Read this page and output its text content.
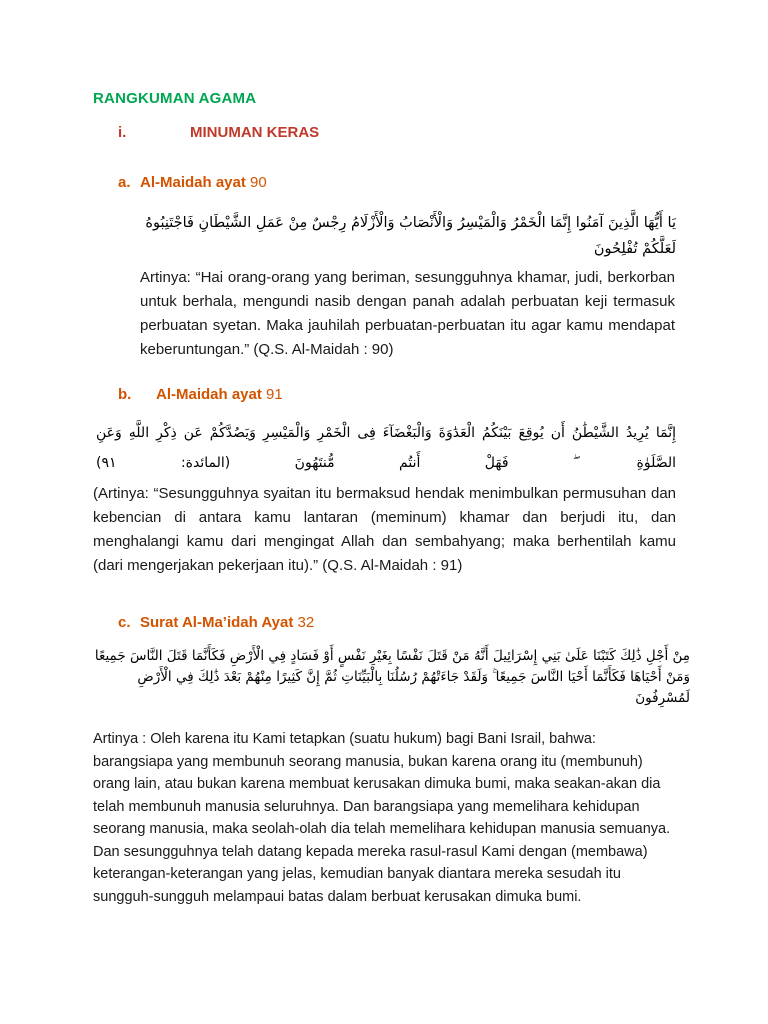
RANGKUMAN AGAMA
i.	MINUMAN KERAS
a. Al-Maidah ayat 90
يَا أَيُّهَا الَّذِينَ آمَنُوا إِنَّمَا الْخَمْرُ وَالْمَيْسِرُ وَالْأَنْصَابُ وَالْأَزْلَامُ رِجْسٌ مِنْ عَمَلِ الشَّيْطَانِ فَاجْتَنِبُوهُ لَعَلَّكُمْ تُفْلِحُونَ
Artinya: “Hai orang-orang yang beriman, sesungguhnya khamar, judi, berkorban untuk berhala, mengundi nasib dengan panah adalah perbuatan keji termasuk perbuatan syetan. Maka jauhilah perbuatan-perbuatan itu agar kamu mendapat keberuntungan.” (Q.S. Al-Maidah : 90)
b. Al-Maidah ayat 91
إِنَّمَا يُرِيدُ الشَّيْطَٰنُ أَن يُوقِعَ بَيْنَكُمُ الْعَدَٰوَةَ وَالْبَغْضَآءَ فِى الْخَمْرِ وَالْمَيْسِرِ وَيَصُدَّكُمْ عَن ذِكْرِ اللَّهِ وَعَنِ الصَّلَوٰةِ ۖ فَهَلْ أَنتُم مُّنتَهُونَ (المائدة: ٩١)
(Artinya: “Sesungguhnya syaitan itu bermaksud hendak menimbulkan permusuhan dan kebencian di antara kamu lantaran (meminum) khamar dan berjudi itu, dan menghalangi kamu dari mengingat Allah dan sembahyang; maka berhentilah kamu (dari mengerjakan pekerjaan itu).” (Q.S. Al-Maidah : 91)
c. Surat Al-Ma’idah Ayat 32
مِنْ أَجْلِ ذَٰلِكَ كَتَبْنَا عَلَىٰ بَنِي إِسْرَائِيلَ أَنَّهُ مَنْ قَتَلَ نَفْسًا بِغَيْرِ نَفْسٍ أَوْ فَسَادٍ فِي الْأَرْضِ فَكَأَنَّمَا قَتَلَ النَّاسَ جَمِيعًا وَمَنْ أَحْيَاهَا فَكَأَنَّمَا أَحْيَا النَّاسَ جَمِيعًا ۚ وَلَقَدْ جَاءَتْهُمْ رُسُلُنَا بِالْبَيِّنَاتِ ثُمَّ إِنَّ كَثِيرًا مِنْهُمْ بَعْدَ ذَٰلِكَ فِي الْأَرْضِ لَمُسْرِفُونَ
Artinya : Oleh karena itu Kami tetapkan (suatu hukum) bagi Bani Israil, bahwa: barangsiapa yang membunuh seorang manusia, bukan karena orang itu (membunuh) orang lain, atau bukan karena membuat kerusakan dimuka bumi, maka seakan-akan dia telah membunuh manusia seluruhnya. Dan barangsiapa yang memelihara kehidupan seorang manusia, maka seolah-olah dia telah memelihara kehidupan manusia semuanya. Dan sesungguhnya telah datang kepada mereka rasul-rasul Kami dengan (membawa) keterangan-keterangan yang jelas, kemudian banyak diantara mereka sesudah itu sungguh-sungguh melampaui batas dalam berbuat kerusakan dimuka bumi.
